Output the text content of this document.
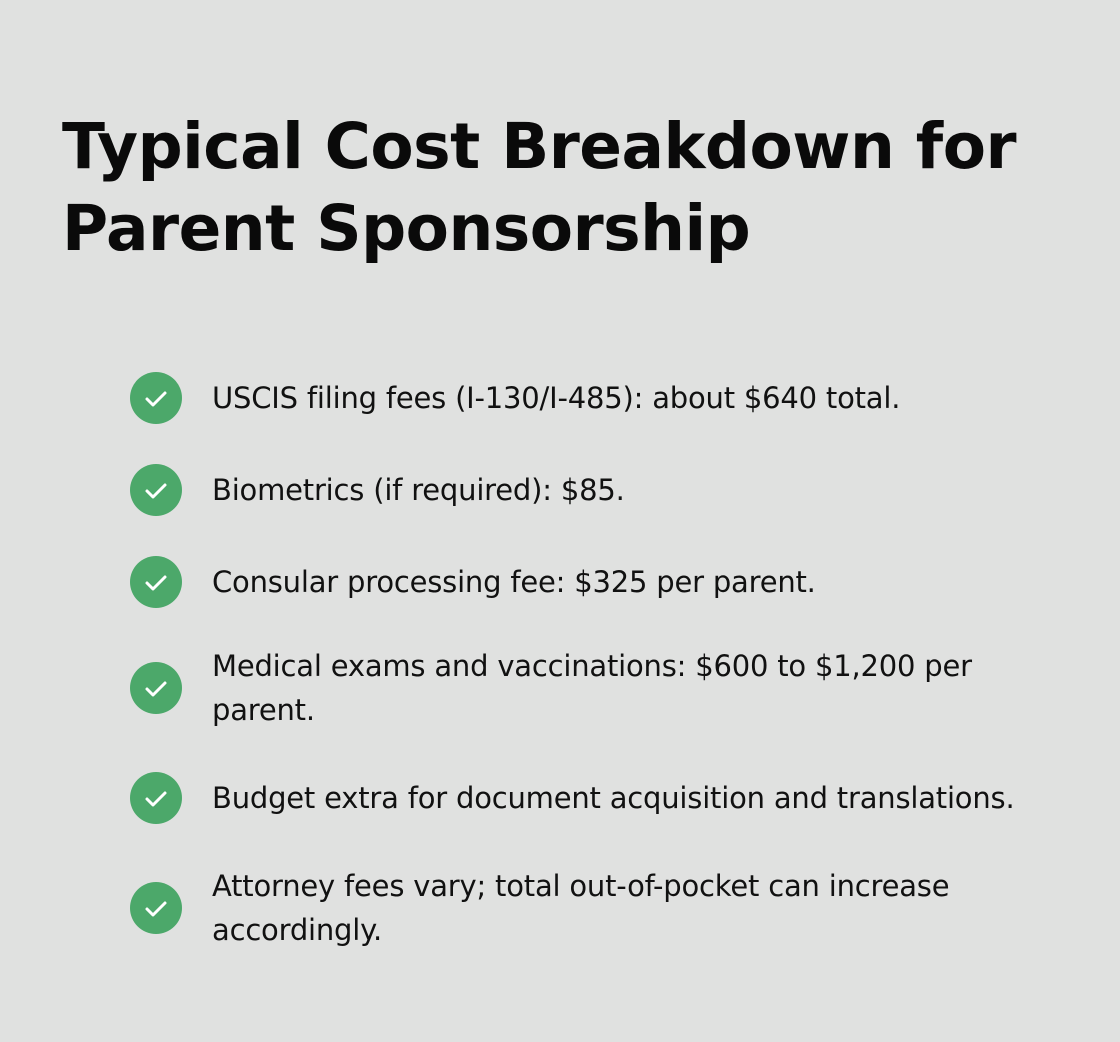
Typical Cost Breakdown for Parent Sponsorship
USCIS filing fees (I-130/I-485): about $640 total.
Biometrics (if required): $85.
Consular processing fee: $325 per parent.
Medical exams and vaccinations: $600 to $1,200 per parent.
Budget extra for document acquisition and translations.
Attorney fees vary; total out-of-pocket can increase accordingly.
